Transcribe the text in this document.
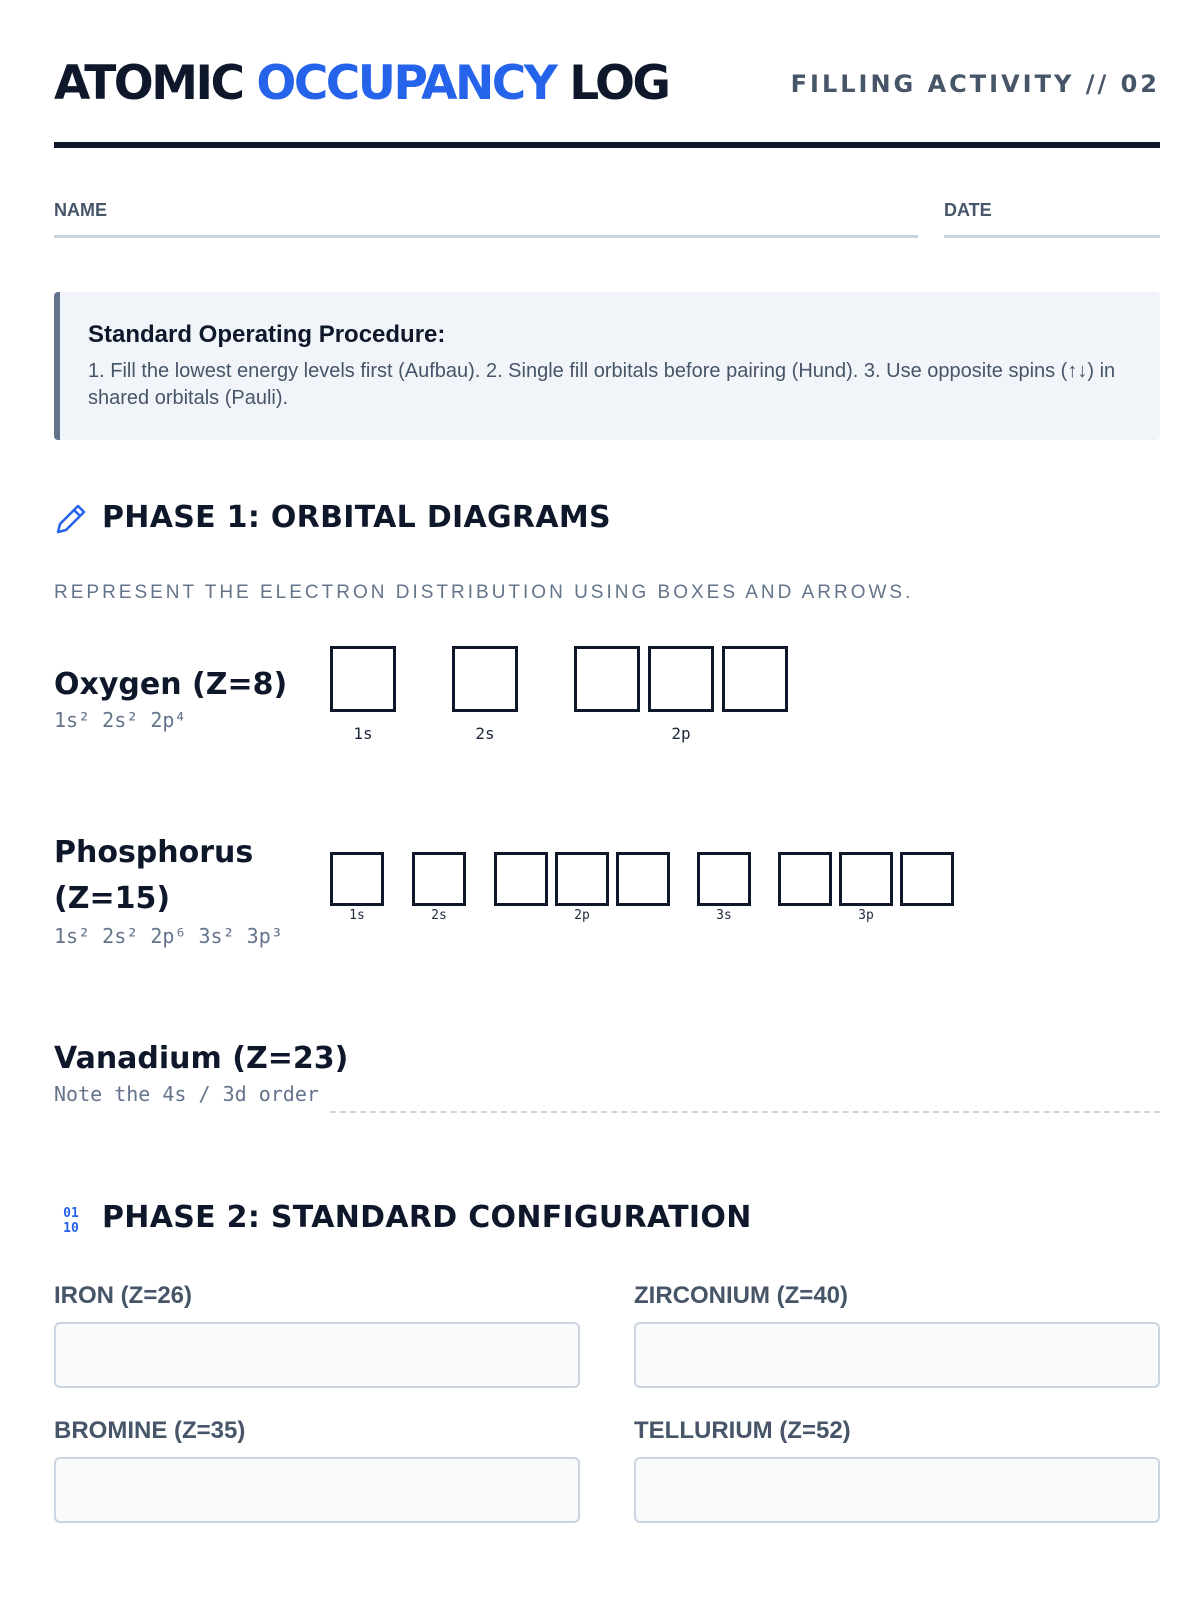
ATOMIC OCCUPANCY LOG	FILLING ACTIVITY // 02
NAME	DATE
Standard Operating Procedure:
1. Fill the lowest energy levels first (Aufbau). 2. Single fill orbitals before pairing (Hund). 3. Use opposite spins (↑↓) in shared orbitals (Pauli).
PHASE 1: ORBITAL DIAGRAMS
REPRESENT THE ELECTRON DISTRIBUTION USING BOXES AND ARROWS.
Oxygen (Z=8)
1s² 2s² 2p⁴
1s	2s	2p
Phosphorus
(Z=15)
1s² 2s² 2p⁶ 3s² 3p³
1s	2s	2p	3s	3p
Vanadium (Z=23)
Note the 4s / 3d order
01
10 PHASE 2: STANDARD CONFIGURATION
IRON (Z=26)	ZIRCONIUM (Z=40)
BROMINE (Z=35)	TELLURIUM (Z=52)
